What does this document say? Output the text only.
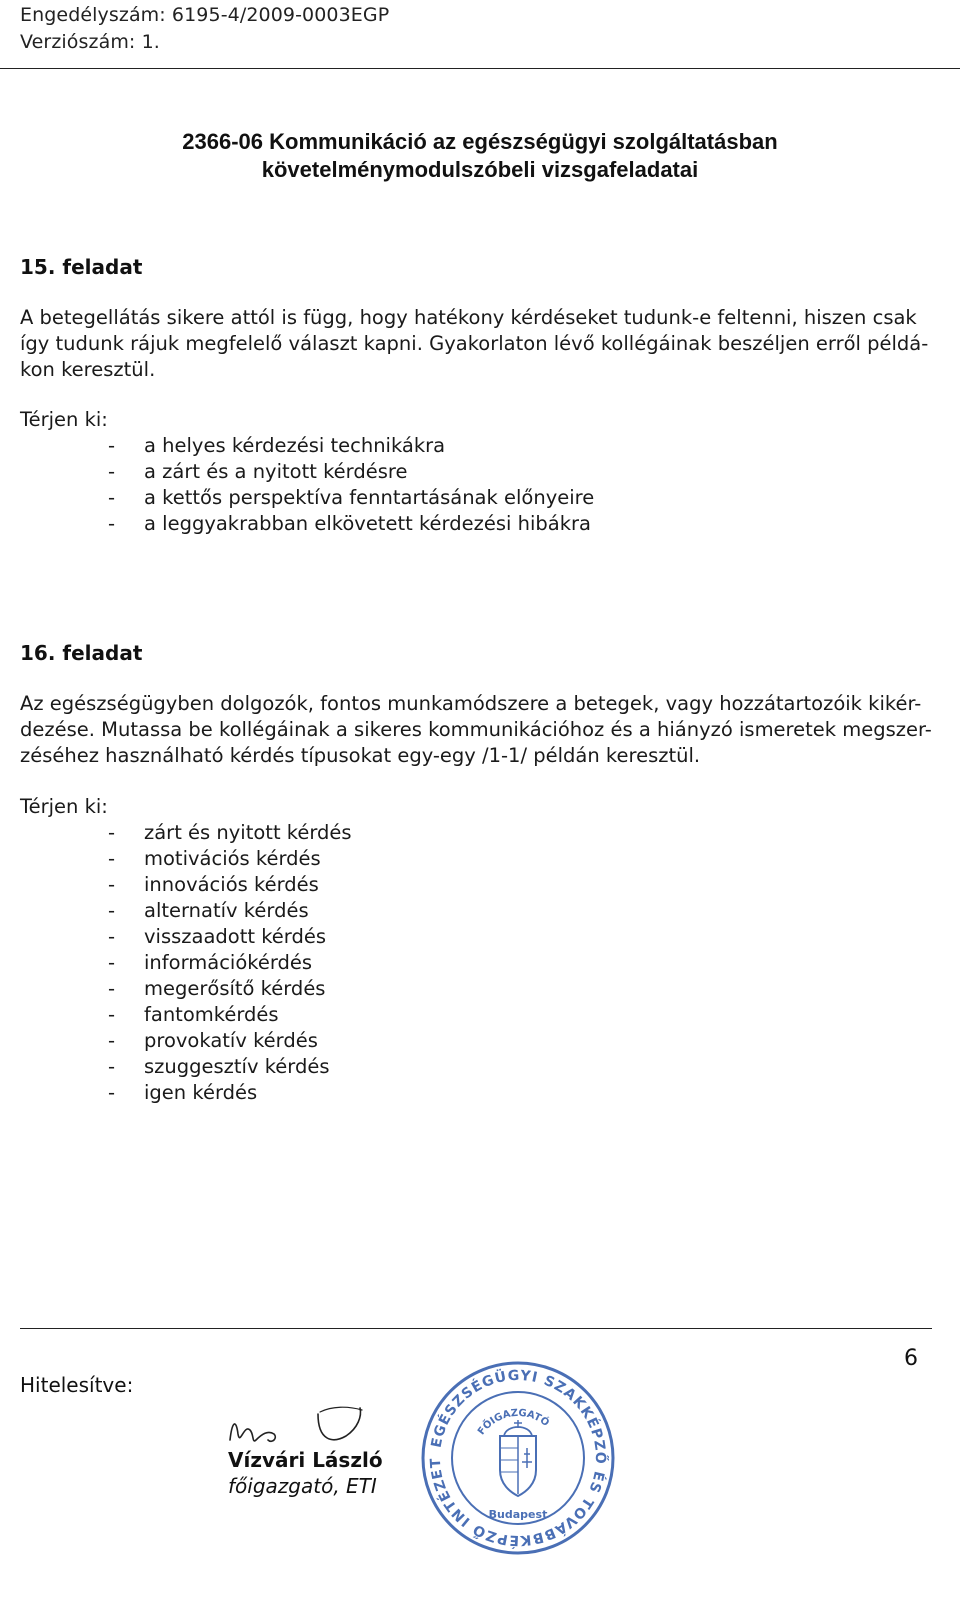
Engedélyszám: 6195-4/2009-0003EGP
Verziószám: 1.
2366-06 Kommunikáció az egészségügyi szolgáltatásban
követelménymodulszóbeli vizsgafeladatai
15. feladat
A betegellátás sikere attól is függ, hogy hatékony kérdéseket tudunk-e feltenni, hiszen csak
így tudunk rájuk megfelelő választ kapni. Gyakorlaton lévő kollégáinak beszéljen erről példá-
kon keresztül.
Térjen ki:
- a helyes kérdezési technikákra
- a zárt és a nyitott kérdésre
- a kettős perspektíva fenntartásának előnyeire
- a leggyakrabban elkövetett kérdezési hibákra
16. feladat
Az egészségügyben dolgozók, fontos munkamódszere a betegek, vagy hozzátartozóik kikér-
dezése. Mutassa be kollégáinak a sikeres kommunikációhoz és a hiányzó ismeretek megszer-
zéséhez használható kérdés típusokat egy-egy /1-1/ példán keresztül.
Térjen ki:
- zárt és nyitott kérdés
- motivációs kérdés
- innovációs kérdés
- alternatív kérdés
- visszaadott kérdés
- információkérdés
- megerősítő kérdés
- fantomkérdés
- provokatív kérdés
- szuggesztív kérdés
- igen kérdés
6
Hitelesítve:
Vízvári László
főigazgató, ETI
EGÉSZSÉGÜGYI SZAKKÉPZŐ ÉS TOVÁBBKÉPZŐ INTÉZET
FŐIGAZGATÓ
Budapest
